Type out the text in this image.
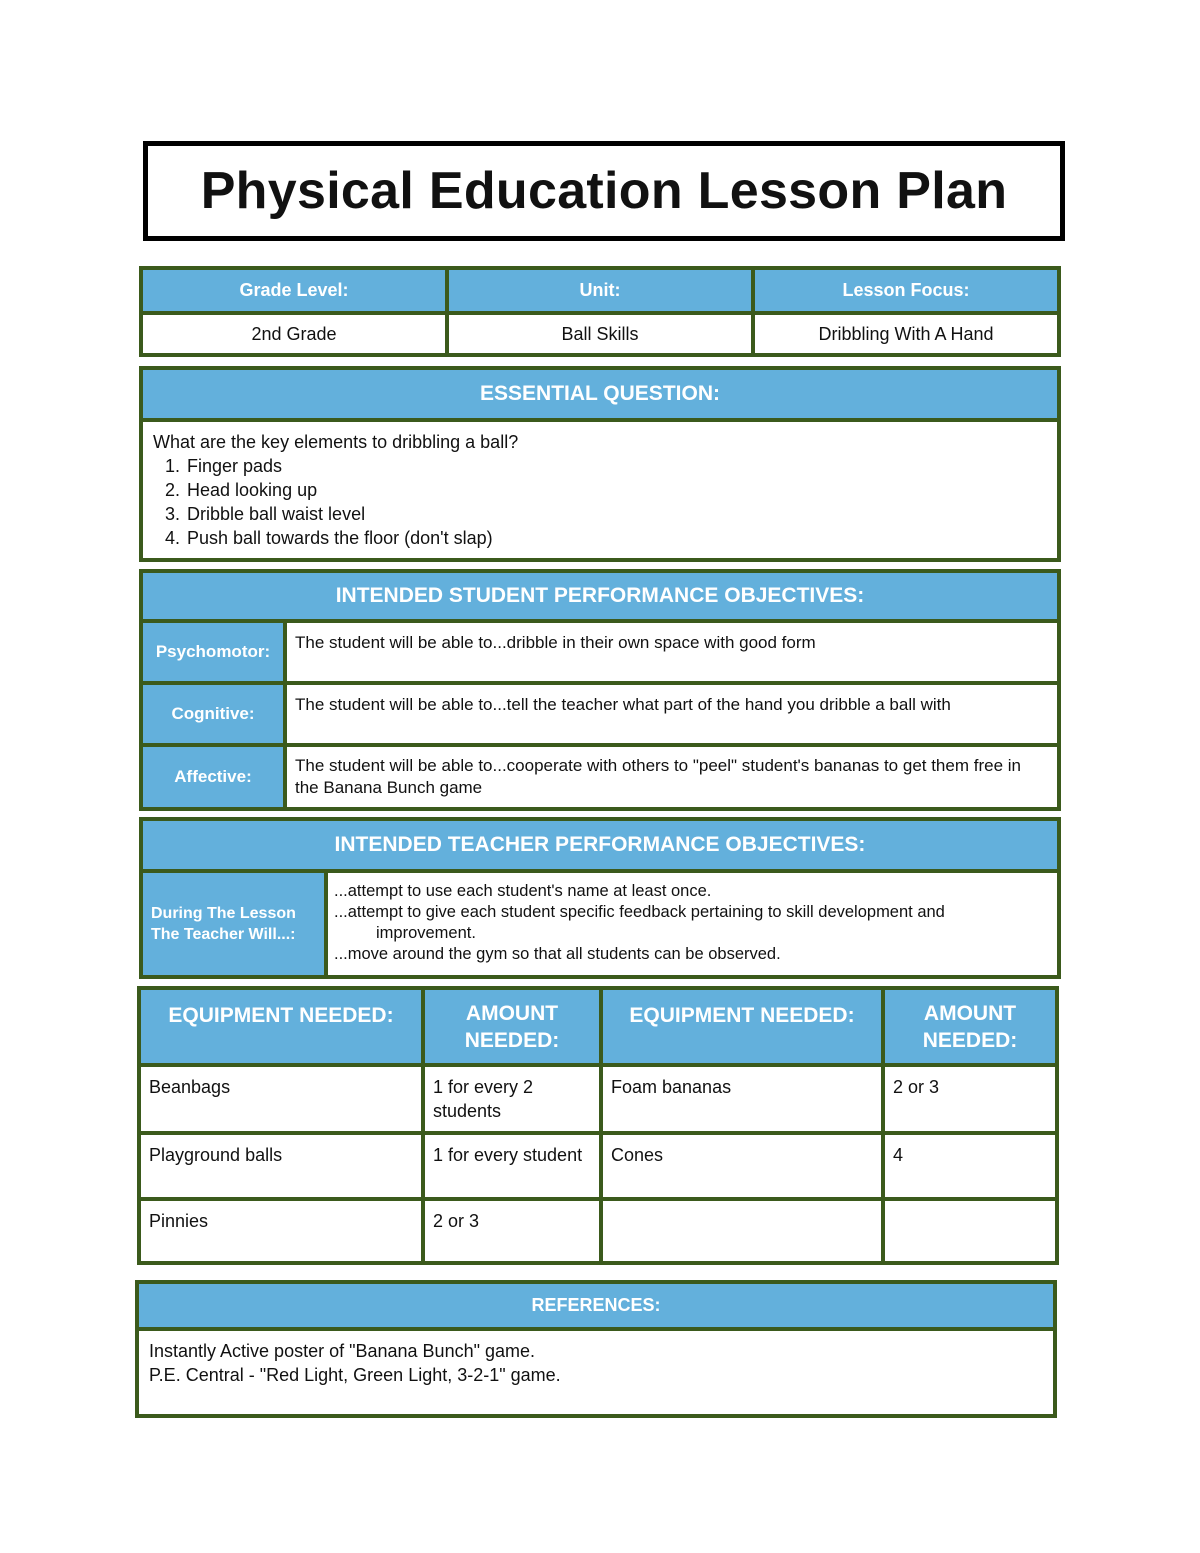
Physical Education Lesson Plan
Grade Level:	Unit:	Lesson Focus:
2nd Grade	Ball Skills	Dribbling With A Hand
ESSENTIAL QUESTION:

What are the key elements to dribbling a ball?
1. Finger pads
2. Head looking up
3. Dribble ball waist level
4. Push ball towards the floor (don't slap)
INTENDED STUDENT PERFORMANCE OBJECTIVES:	
Psychomotor:	The student will be able to...dribble in their own space with good form
Cognitive:	The student will be able to...tell the teacher what part of the hand you dribble a ball with
Affective:	The student will be able to...cooperate with others to "peel" student's bananas to get them free in the Banana Bunch game
INTENDED TEACHER PERFORMANCE OBJECTIVES:
During The Lesson The Teacher Will...:	

...attempt to use each student's name at least once.

...attempt to give each student specific feedback pertaining to skill development and

improvement.

...move around the gym so that all students can be observed.

EQUIPMENT NEEDED:	AMOUNT NEEDED:	EQUIPMENT NEEDED:	AMOUNT NEEDED:
Beanbags	1 for every 2 students	Foam bananas	2 or 3
Playground balls	1 for every student	Cones	4
Pinnies	2 or 3		
REFERENCES:

Instantly Active poster of "Banana Bunch" game.
P.E. Central - "Red Light, Green Light, 3-2-1" game.
